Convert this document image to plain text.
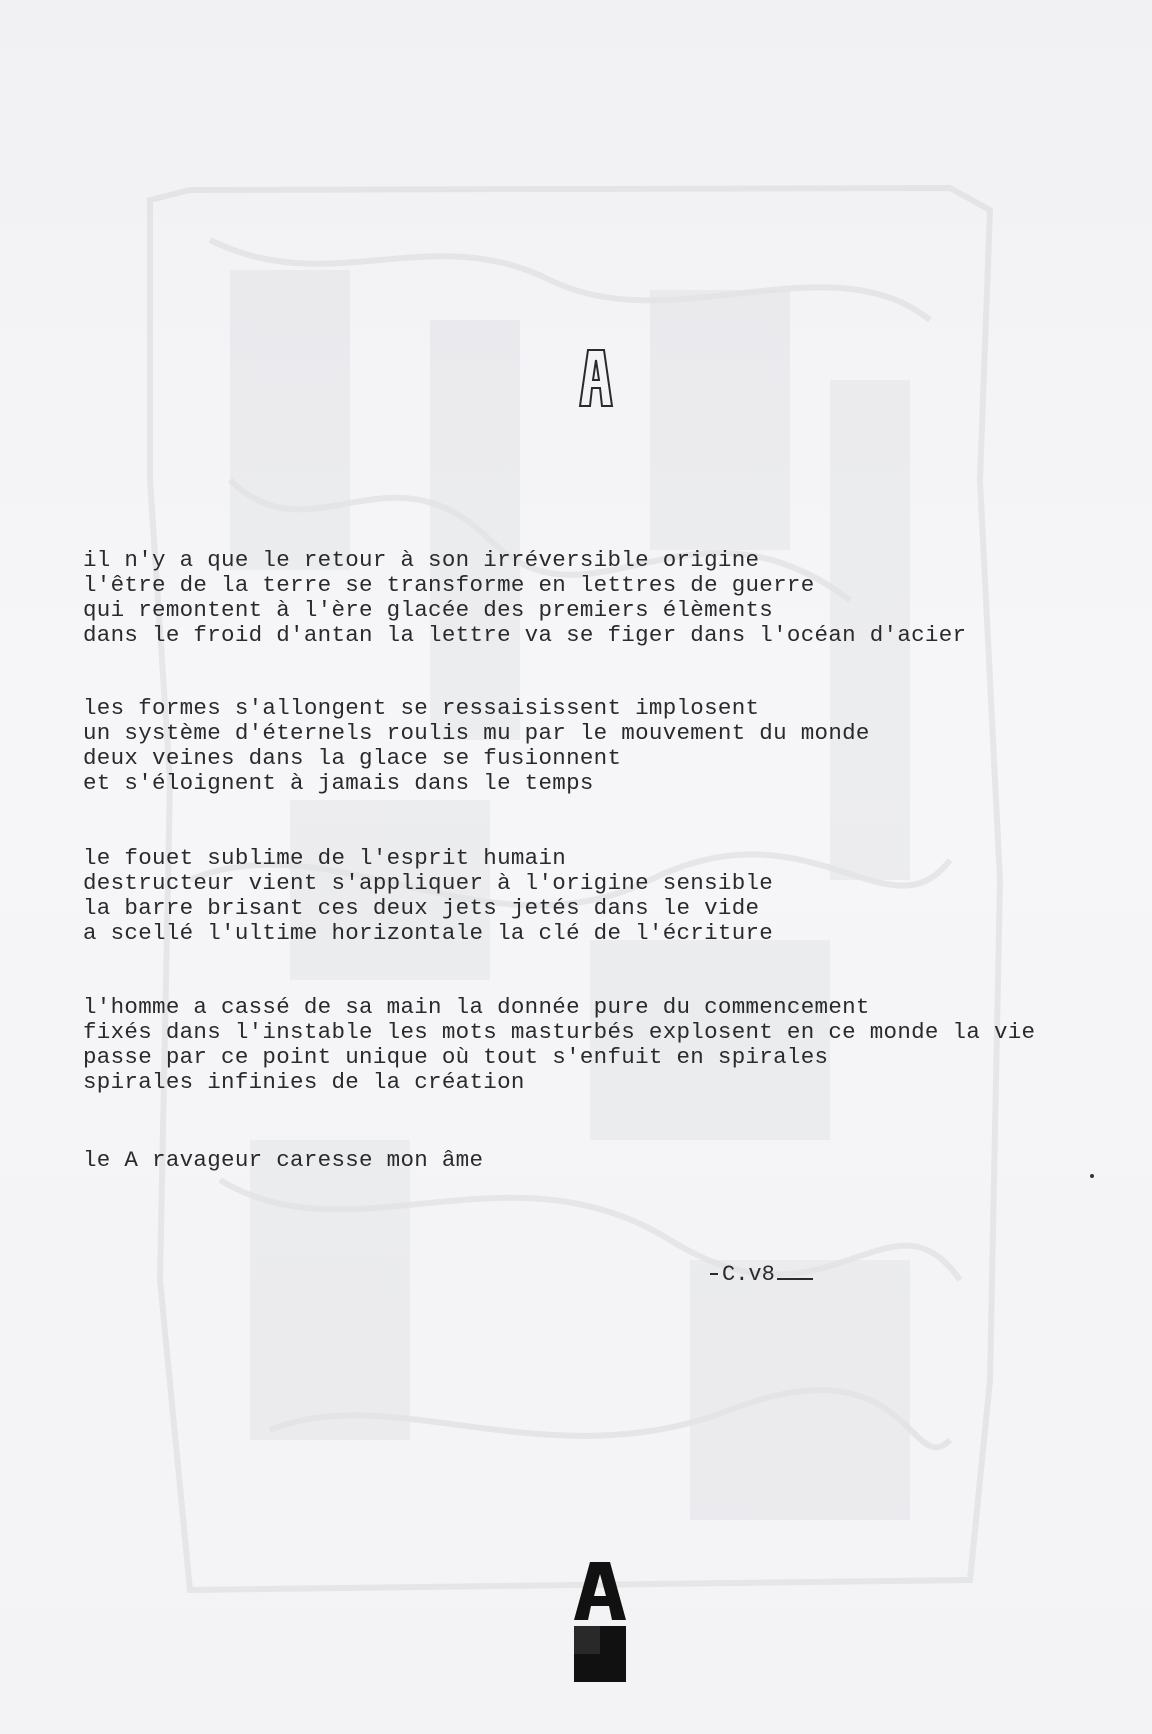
A
il n'y a que le retour à son irréversible origine
l'être de la terre se transforme en lettres de guerre
qui remontent à l'ère glacée des premiers élèments
dans le froid d'antan la lettre va se figer dans l'océan d'acier
les formes s'allongent se ressaisissent implosent
un système d'éternels roulis mu par le mouvement du monde
deux veines dans la glace se fusionnent
et s'éloignent à jamais dans le temps
le fouet sublime de l'esprit humain
destructeur vient s'appliquer à l'origine sensible
la barre brisant ces deux jets jetés dans le vide
a scellé l'ultime horizontale la clé de l'écriture
l'homme a cassé de sa main la donnée pure du commencement
fixés dans l'instable les mots masturbés explosent en ce monde la vie
passe par ce point unique où tout s'enfuit en spirales
spirales infinies de la création
le A ravageur caresse mon âme
C.v8
A
